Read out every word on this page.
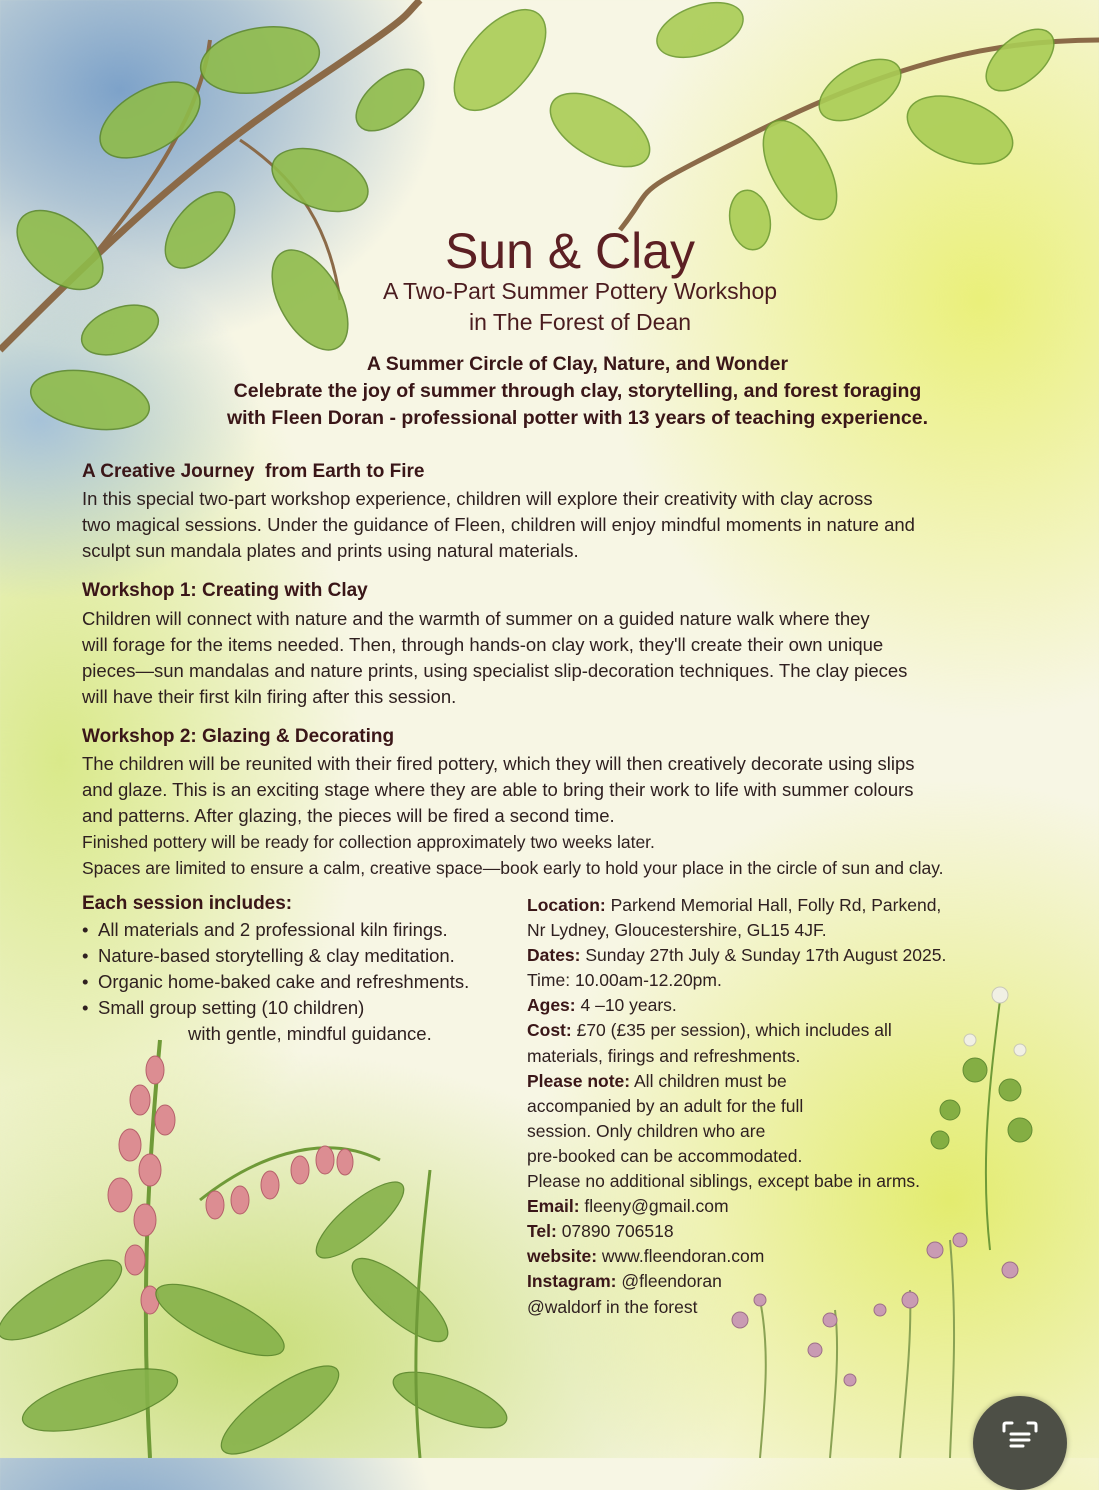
Sun & Clay
A Two-Part Summer Pottery Workshop
in The Forest of Dean
A Summer Circle of Clay, Nature, and Wonder
Celebrate the joy of summer through clay, storytelling, and forest foraging
with Fleen Doran - professional potter with 13 years of teaching experience.
A Creative Journey  from Earth to Fire
In this special two-part workshop experience, children will explore their creativity with clay across
two magical sessions. Under the guidance of Fleen, children will enjoy mindful moments in nature and
sculpt sun mandala plates and prints using natural materials.
Workshop 1: Creating with Clay
Children will connect with nature and the warmth of summer on a guided nature walk where they
will forage for the items needed. Then, through hands-on clay work, they'll create their own unique
pieces—sun mandalas and nature prints, using specialist slip-decoration techniques. The clay pieces
will have their first kiln firing after this session.
Workshop 2: Glazing & Decorating
The children will be reunited with their fired pottery, which they will then creatively decorate using slips
and glaze. This is an exciting stage where they are able to bring their work to life with summer colours
and patterns. After glazing, the pieces will be fired a second time.
Finished pottery will be ready for collection approximately two weeks later.
Spaces are limited to ensure a calm, creative space—book early to hold your place in the circle of sun and clay.
Each session includes:
• All materials and 2 professional kiln firings.
• Nature-based storytelling & clay meditation.
• Organic home-baked cake and refreshments.
• Small group setting (10 children)
with gentle, mindful guidance.
Location: Parkend Memorial Hall, Folly Rd, Parkend,
Nr Lydney, Gloucestershire, GL15 4JF.
Dates: Sunday 27th July & Sunday 17th August 2025.
Time: 10.00am-12.20pm.
Ages: 4 –10 years.
Cost: £70 (£35 per session), which includes all
materials, firings and refreshments.
Please note: All children must be
accompanied by an adult for the full
session. Only children who are
pre-booked can be accommodated.
Please no additional siblings, except babe in arms.
Email: fleeny@gmail.com
Tel: 07890 706518
website: www.fleendoran.com
Instagram: @fleendoran
@waldorf in the forest
